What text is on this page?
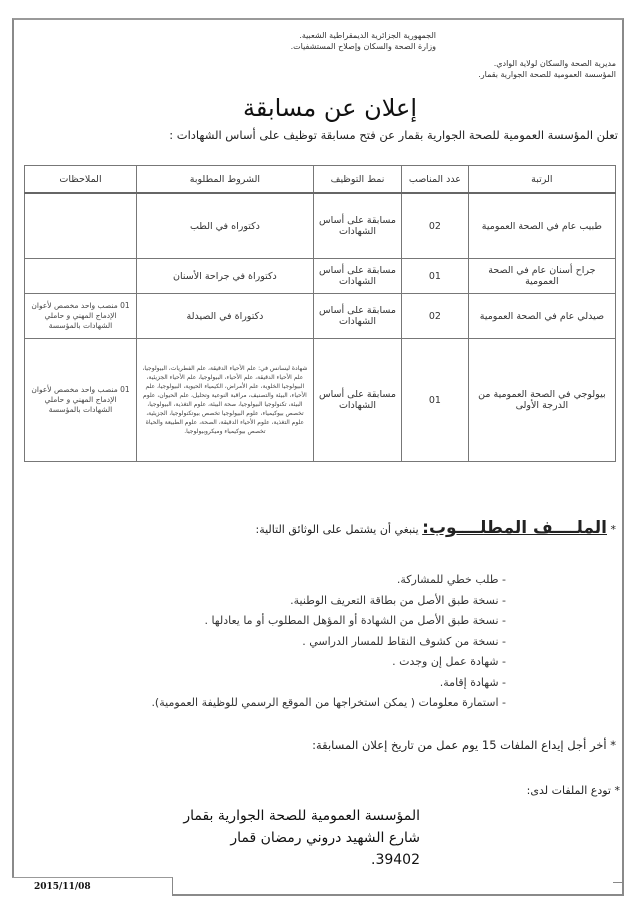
الجمهورية الجزائرية الديمقراطية الشعبية.
وزارة الصحة والسكان وإصلاح المستشفيات.
مديرية الصحة والسكان لولاية الوادي.
المؤسسة العمومية للصحة الجوارية بقمار.
إعلان عن مسابقة
تعلن المؤسسة العمومية للصحة الجوارية بقمار عن فتح مسابقة توظيف على أساس الشهادات :
الرتبة	عدد المناصب	نمط التوظيف	الشروط المطلوبة	الملاحظات
طبيب عام في الصحة العمومية	02	مسابقة على أساس الشهادات	دكتوراه في الطب	
جراح أسنان عام في الصحة العمومية	01	مسابقة على أساس الشهادات	دكتوراة في جراحة الأسنان	
صيدلي عام في الصحة العمومية	02	مسابقة على أساس الشهادات	دكتوراة في الصيدلة	01 منصب واحد مخصص لأعوان الإدماج المهني و حاملي الشهادات بالمؤسسة
بيولوجي في الصحة العمومية من الدرجة الأولى	01	مسابقة على أساس الشهادات	شهادة ليسانس في: علم الأحياء الدقيقة، علم الفطريات، البيولوجيا، علم الأحياء الدقيقة، علم الأحياء، البيولوجيا، علم الأحياء الجزيئية، البيولوجيا الخلوية، علم الأمراض، الكيمياء الحيوية، البيولوجيا، علم الأحياء، البيئة والتصنيف، مراقبة النوعية وتحليل، علم الحيوان، علوم البيئة، تكنولوجيا البيولوجيا، صحة البيئة، علوم التغذية، البيولوجيا، تخصص بيوكيمياء، علوم البيولوجيا تخصص بيوتكنولوجيا، الجزيئية، علوم التغذية، علوم الأحياء الدقيقة، الصحة، علوم الطبيعة والحياة تخصص بيوكيمياء وميكروبيولوجيا.	01 منصب واحد مخصص لأعوان الإدماج المهني و حاملي الشهادات بالمؤسسة
* الملــــف المطلــــوب: ينبغي أن يشتمل على الوثائق التالية:
- طلب خطي للمشاركة.
- نسخة طبق الأصل من بطاقة التعريف الوطنية.
- نسخة طبق الأصل من الشهادة أو المؤهل المطلوب أو ما يعادلها .
- نسخة من كشوف النقاط للمسار الدراسي .
- شهادة عمل إن وجدت .
- شهادة إقامة.
- استمارة معلومات ( يمكن استخراجها من الموقع الرسمي للوظيفة العمومية).
* أخر أجل إيداع الملفات 15 يوم عمل من تاريخ إعلان المسابقة:
* تودع الملفات لدى:
المؤسسة العمومية للصحة الجوارية بقمار
شارع الشهيد دروني رمضان قمار 39402.
2015/11/08
